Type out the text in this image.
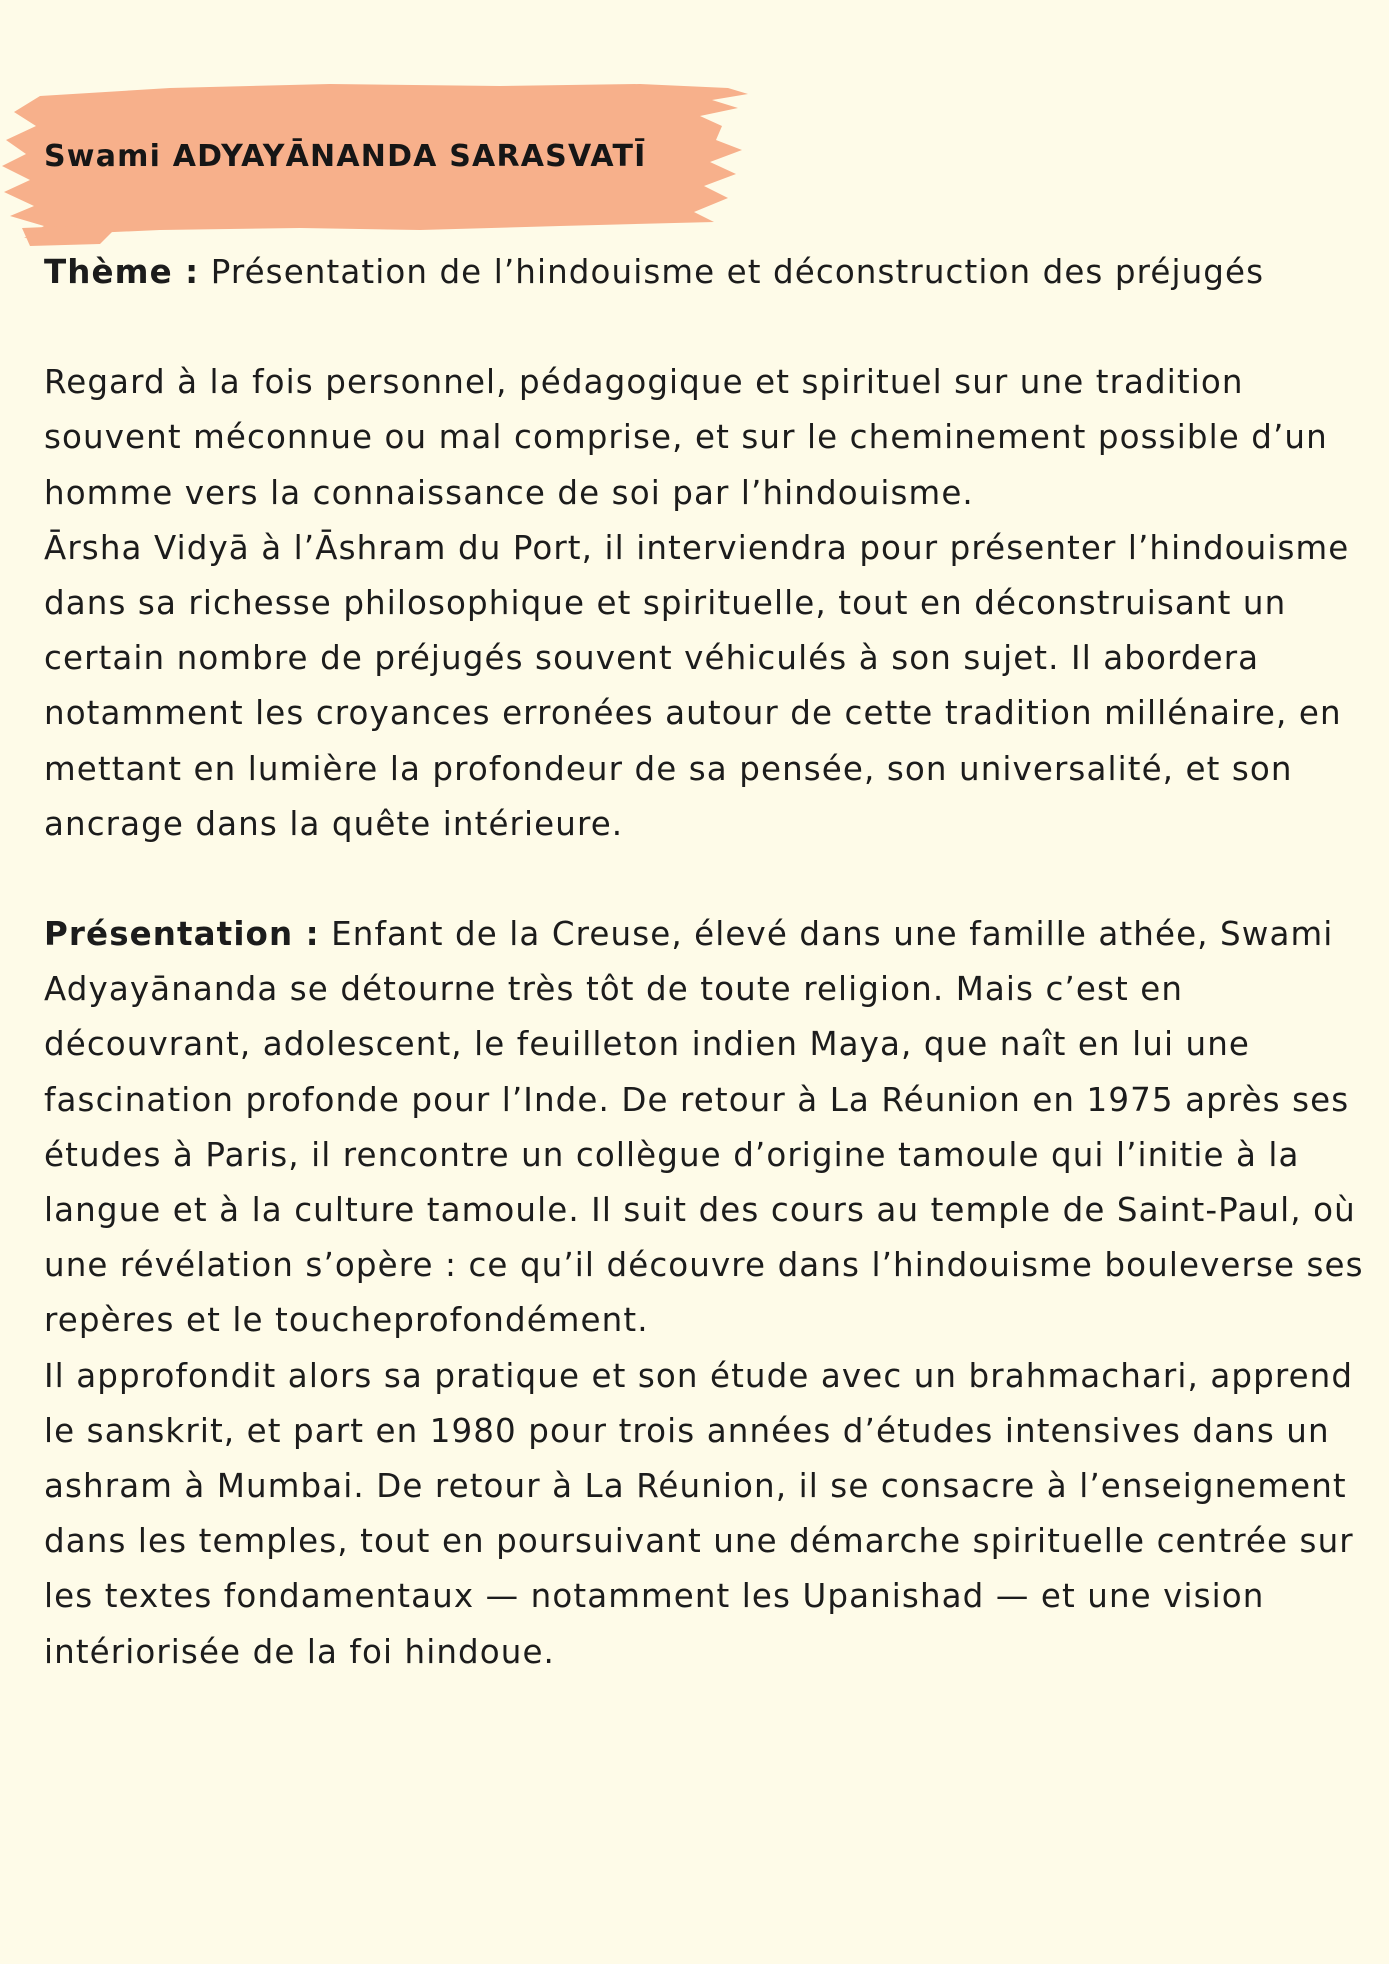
Swami ADYAYĀNANDA SARASVATĪ

Thème : Présentation de l’hindouisme et déconstruction des préjugés

Regard à la fois personnel, pédagogique et spirituel sur une tradition souvent méconnue ou mal comprise, et sur le cheminement possible d’un homme vers la connaissance de soi par l’hindouisme.

Ārsha Vidyā à l’Āshram du Port, il interviendra pour présenter l’hindouisme dans sa richesse philosophique et spirituelle, tout en déconstruisant un certain nombre de préjugés souvent véhiculés à son sujet. Il abordera notamment les croyances erronées autour de cette tradition millénaire, en mettant en lumière la profondeur de sa pensée, son universalité, et son ancrage dans la quête intérieure.

Présentation : Enfant de la Creuse, élevé dans une famille athée, Swami Adyayānanda se détourne très tôt de toute religion. Mais c’est en découvrant, adolescent, le feuilleton indien Maya, que naît en lui une fascination profonde pour l’Inde. De retour à La Réunion en 1975 après ses études à Paris, il rencontre un collègue d’origine tamoule qui l’initie à la langue et à la culture tamoule. Il suit des cours au temple de Saint-Paul, où une révélation s’opère : ce qu’il découvre dans l’hindouisme bouleverse ses repères et le toucheprofondément.

Il approfondit alors sa pratique et son étude avec un brahmachari, apprend le sanskrit, et part en 1980 pour trois années d’études intensives dans un ashram à Mumbai. De retour à La Réunion, il se consacre à l’enseignement dans les temples, tout en poursuivant une démarche spirituelle centrée sur les textes fondamentaux — notamment les Upanishad — et une vision intériorisée de la foi hindoue.
